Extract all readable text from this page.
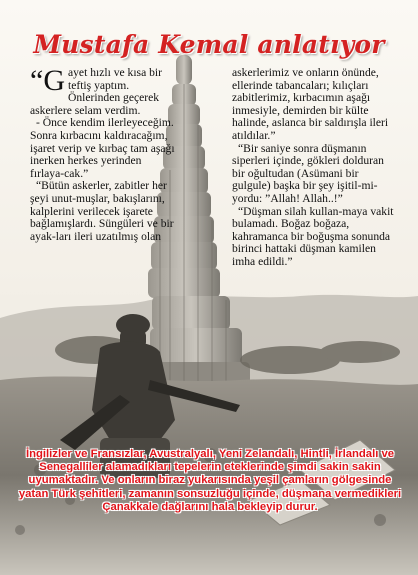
Mustafa Kemal anlatıyor

“Gayet hızlı ve kısa bir teftiş yaptım. Önlerinden geçerek askerlere selam verdim.

- Önce kendim ilerleyeceğim. Sonra kırbacını kaldıracağım, işaret verip ve kırbaç tam aşağı inerken herkes yerinden fırlaya-cak.”

“Bütün askerler, zabitler her şeyi unut-muşlar, bakışlarını, kalplerini verilecek işarete bağlamışlardı. Süngüleri ve bir ayak-ları ileri uzatılmış olan

askerlerimiz ve onların önünde, ellerinde tabancaları; kılıçları zabitlerimiz, kırbacımın aşağı inmesiyle, demirden bir külte halinde, aslanca bir saldırışla ileri atıldılar.”

“Bir saniye sonra düşmanın siperleri içinde, gökleri dolduran bir oğultudan (Asümani bir gulgule) başka bir şey işitil-mi-yordu: ”Allah! Allah..!”

“Düşman silah kullan-maya vakit bulamadı. Boğaz boğaza, kahramanca bir boğuşma sonunda birinci hattaki düşman kamilen imha edildi.”

İngilizler ve Fransızlar, Avustralyalı, Yeni Zelandalı, Hintli, İrlandalı ve Senegalliler alamadıkları tepelerin eteklerinde şimdi sakin sakin uyumaktadır. Ve onların biraz yukarısında yeşil çamların gölgesinde yatan Türk şehitleri, zamanın sonsuzluğu içinde, düşmana vermedikleri Çanakkale dağlarını hala bekleyip durur.
